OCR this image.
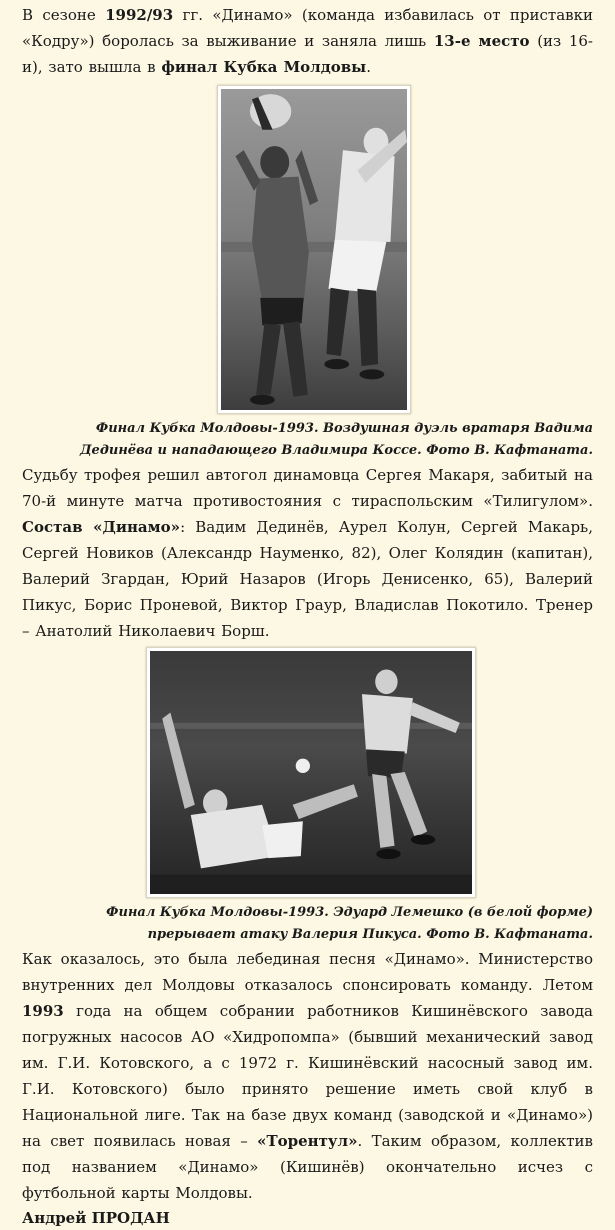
В сезоне 1992/93 гг. «Динамо» (команда избавилась от приставки «Кодру») боролась за выживание и заняла лишь 13-е место (из 16-и), зато вышла в финал Кубка Молдовы.

Финал Кубка Молдовы-1993. Воздушная дуэль вратаря Вадима
Дединёва и нападающего Владимира Коссе. Фото В. Кафтаната.

Судьбу трофея решил автогол динамовца Сергея Макаря, забитый на 70-й минуте матча противостояния с тираспольским «Тилигулом». Состав «Динамо»: Вадим Дединёв, Аурел Колун, Сергей Макарь, Сергей Новиков (Александр Науменко, 82), Олег Колядин (капитан), Валерий Згардан, Юрий Назаров (Игорь Денисенко, 65), Валерий Пикус, Борис Проневой, Виктор Граур, Владислав Покотило. Тренер – Анатолий Николаевич Борш.

Финал Кубка Молдовы-1993. Эдуард Лемешко (в белой форме)
прерывает атаку Валерия Пикуса. Фото В. Кафтаната.

Как оказалось, это была лебединая песня «Динамо». Министерство внутренних дел Молдовы отказалось спонсировать команду. Летом 1993 года на общем собрании работников Кишинёвского завода погружных насосов АО «Хидропомпа» (бывший механический завод им. Г.И. Котовского, а с 1972 г. Кишинёвский насосный завод им. Г.И. Котовского) было принято решение иметь свой клуб в Национальной лиге. Так на базе двух команд (заводской и «Динамо») на свет появилась новая – «Торентул». Таким образом, коллектив под названием «Динамо» (Кишинёв) окончательно исчез с футбольной карты Молдовы.

Андрей ПРОДАН
